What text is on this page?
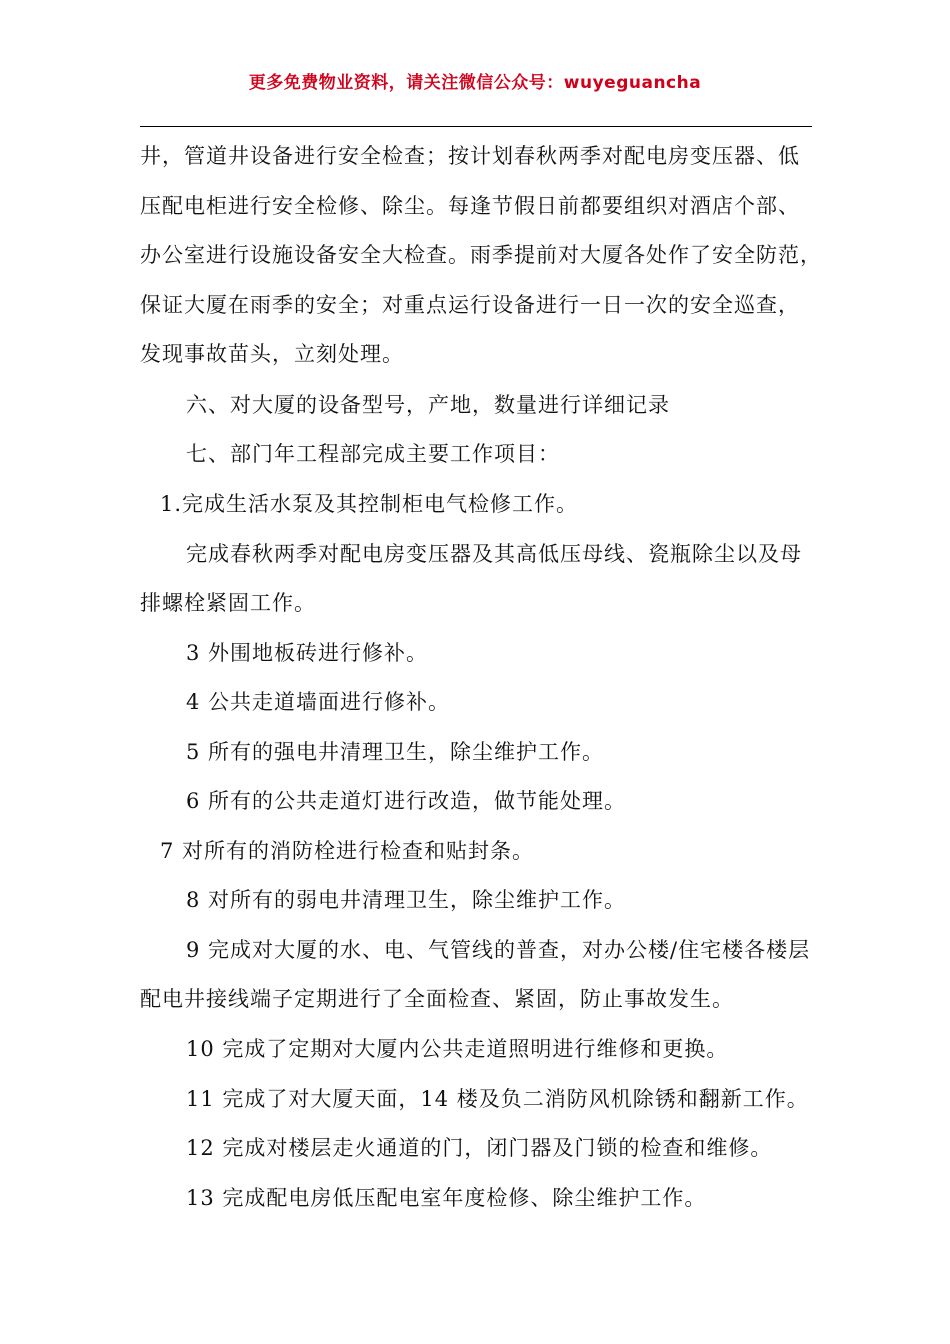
更多免费物业资料，请关注微信公众号：wuyeguancha
井，管道井设备进行安全检查；按计划春秋两季对配电房变压器、低
压配电柜进行安全检修、除尘。每逢节假日前都要组织对酒店个部、
办公室进行设施设备安全大检查。雨季提前对大厦各处作了安全防范，
保证大厦在雨季的安全；对重点运行设备进行一日一次的安全巡查，
发现事故苗头，立刻处理。
六、对大厦的设备型号，产地，数量进行详细记录
七、部门年工程部完成主要工作项目：
1.完成生活水泵及其控制柜电气检修工作。
完成春秋两季对配电房变压器及其高低压母线、瓷瓶除尘以及母
排螺栓紧固工作。
3 外围地板砖进行修补。
4 公共走道墙面进行修补。
5 所有的强电井清理卫生，除尘维护工作。
6 所有的公共走道灯进行改造，做节能处理。
7 对所有的消防栓进行检查和贴封条。
8 对所有的弱电井清理卫生，除尘维护工作。
9 完成对大厦的水、电、气管线的普查，对办公楼/住宅楼各楼层
配电井接线端子定期进行了全面检查、紧固，防止事故发生。
10 完成了定期对大厦内公共走道照明进行维修和更换。
11 完成了对大厦天面，14 楼及负二消防风机除锈和翻新工作。
12 完成对楼层走火通道的门，闭门器及门锁的检查和维修。
13 完成配电房低压配电室年度检修、除尘维护工作。
